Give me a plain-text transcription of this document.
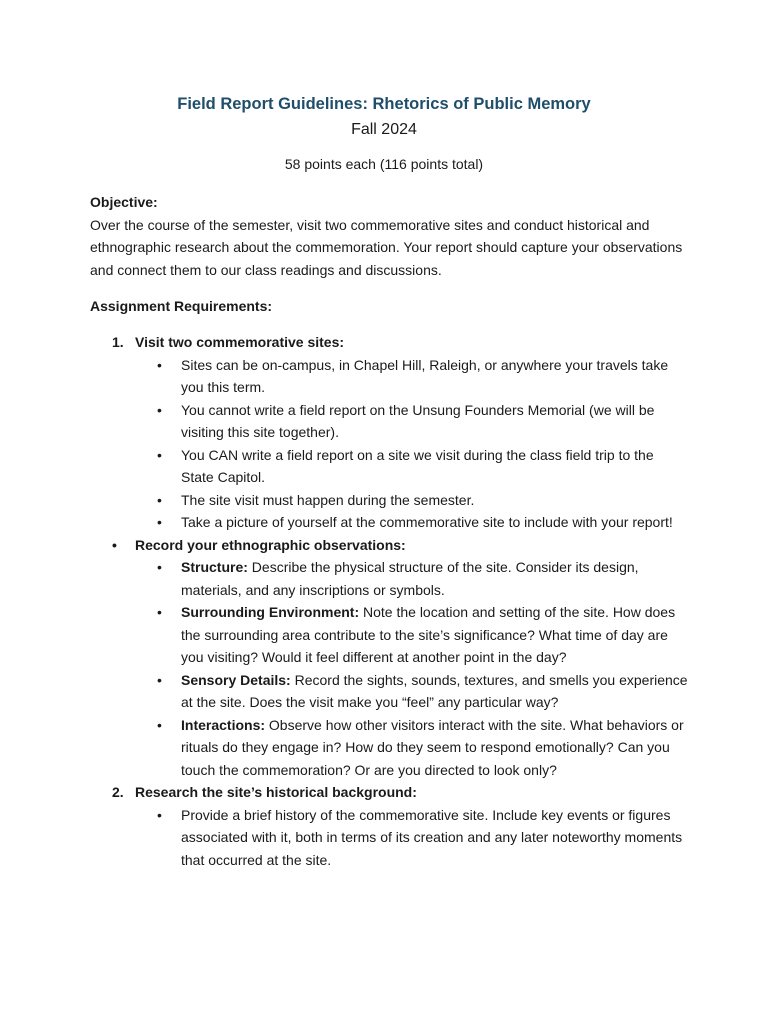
Field Report Guidelines: Rhetorics of Public Memory
Fall 2024
58 points each (116 points total)
Objective:
Over the course of the semester, visit two commemorative sites and conduct historical and ethnographic research about the commemoration. Your report should capture your observations and connect them to our class readings and discussions.
Assignment Requirements:
1. Visit two commemorative sites:
• Sites can be on-campus, in Chapel Hill, Raleigh, or anywhere your travels take you this term.
• You cannot write a field report on the Unsung Founders Memorial (we will be visiting this site together).
• You CAN write a field report on a site we visit during the class field trip to the State Capitol.
• The site visit must happen during the semester.
• Take a picture of yourself at the commemorative site to include with your report!
•	Record your ethnographic observations:
• Structure: Describe the physical structure of the site. Consider its design, materials, and any inscriptions or symbols.
• Surrounding Environment: Note the location and setting of the site. How does the surrounding area contribute to the site’s significance? What time of day are you visiting? Would it feel different at another point in the day?
• Sensory Details: Record the sights, sounds, textures, and smells you experience at the site. Does the visit make you “feel” any particular way?
• Interactions: Observe how other visitors interact with the site. What behaviors or rituals do they engage in? How do they seem to respond emotionally? Can you touch the commemoration? Or are you directed to look only?
2. Research the site’s historical background:
• Provide a brief history of the commemorative site. Include key events or figures associated with it, both in terms of its creation and any later noteworthy moments that occurred at the site.
